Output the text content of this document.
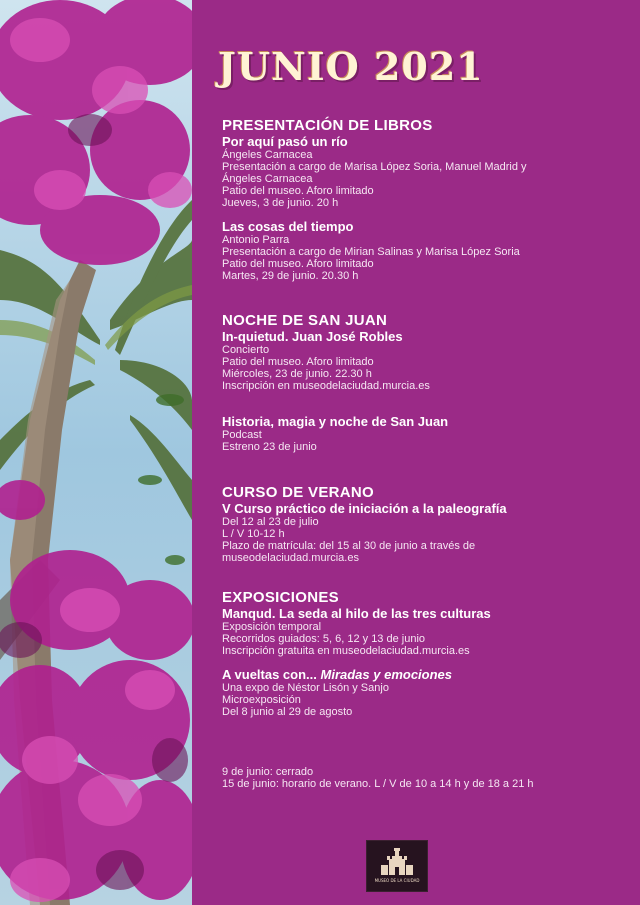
JUNIO 2021
PRESENTACIÓN DE LIBROS
Por aquí pasó un río
Ángeles Carnacea
Presentación a cargo de Marisa López Soria, Manuel Madrid y
Ángeles Carnacea
Patio del museo. Aforo limitado
Jueves, 3 de junio. 20 h
Las cosas del tiempo
Antonio Parra
Presentación a cargo de Mirian Salinas y Marisa López Soria
Patio del museo. Aforo limitado
Martes, 29 de junio. 20.30 h
NOCHE DE SAN JUAN
In-quietud. Juan José Robles
Concierto
Patio del museo. Aforo limitado
Miércoles, 23 de junio. 22.30 h
Inscripción en museodelaciudad.murcia.es
Historia, magia y noche de San Juan
Podcast
Estreno 23 de junio
CURSO DE VERANO
V Curso práctico de iniciación a la paleografía
Del 12 al 23 de julio
L / V 10-12 h
Plazo de matrícula: del 15 al 30 de junio a través de
museodelaciudad.murcia.es
EXPOSICIONES
Manqud. La seda al hilo de las tres culturas
Exposición temporal
Recorridos guiados: 5, 6, 12 y 13 de junio
Inscripción gratuita en museodelaciudad.murcia.es
A vueltas con... Miradas y emociones
Una expo de Néstor Lisón y Sanjo
Microexposición
Del 8 junio al 29 de agosto
9 de junio: cerrado
15 de junio: horario de verano. L / V de 10 a 14 h y de 18 a 21 h
MUSEO DE LA CIUDAD
